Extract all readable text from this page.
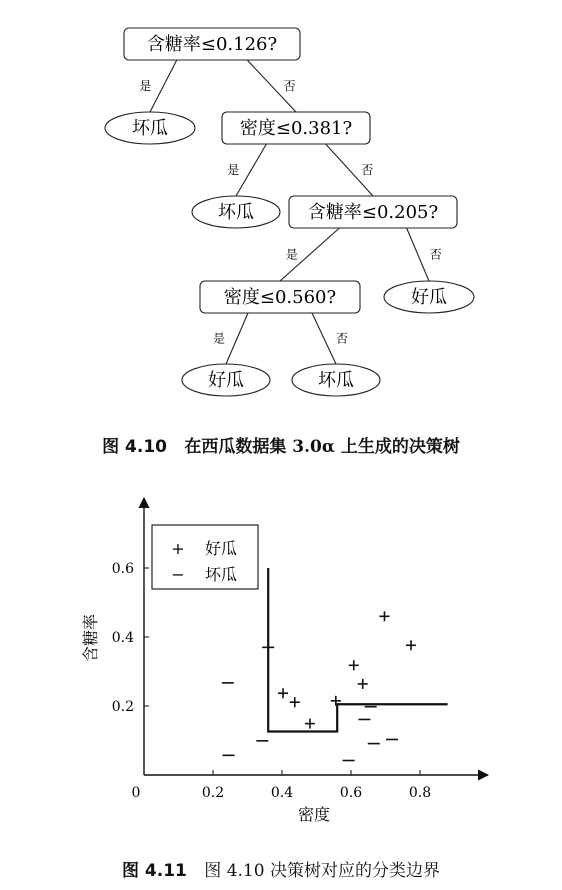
是	否
是	否
是	否
是	否
含糖率≤0.126?
坏瓜	密度≤0.381?
坏瓜	含糖率≤0.205?
密度≤0.560?	好瓜
好瓜	坏瓜
图 4.10 在西瓜数据集 3.0α 上生成的决策树
0.2	0.4	0.6	0.8
0.2
0.4
0.6
0
+ 好瓜
− 坏瓜
密度
含糖率
图 4.11 图 4.10 决策树对应的分类边界
